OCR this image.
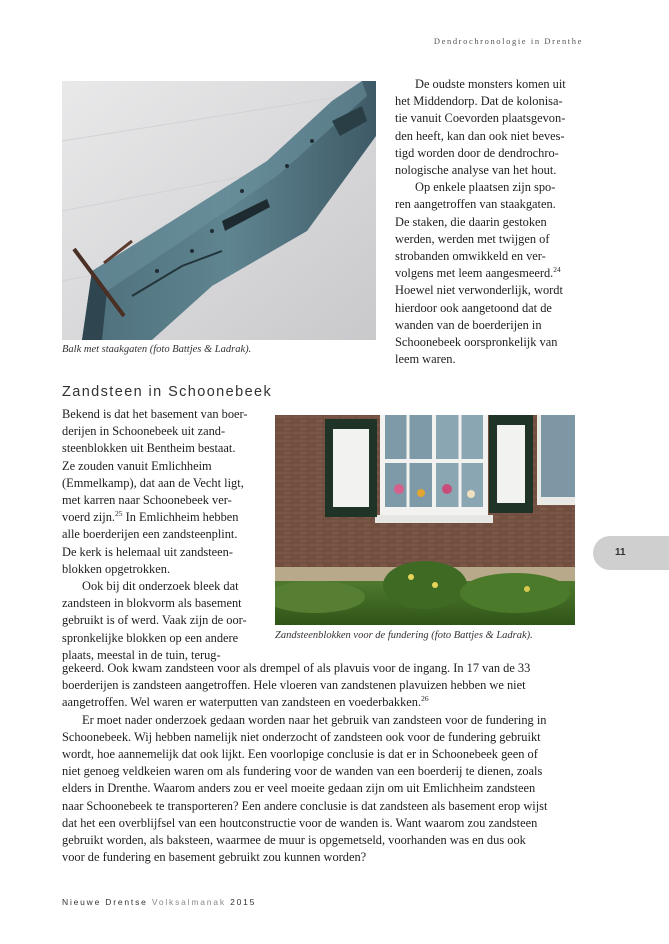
Dendrochronologie in Drenthe
Balk met staakgaten (foto Battjes & Ladrak).

De oudste monsters komen uit

het Middendorp. Dat de kolonisa-

tie vanuit Coevorden plaatsgevon-

den heeft, kan dan ook niet beves-

tigd worden door de dendrochro-

nologische analyse van het hout.

Op enkele plaatsen zijn spo-

ren aangetroffen van staakgaten.

De staken, die daarin gestoken

werden, werden met twijgen of

strobanden omwikkeld en ver-

volgens met leem aangesmeerd.$^{24}$

Hoewel niet verwonderlijk, wordt

hierdoor ook aangetoond dat de

wanden van de boerderijen in

Schoonebeek oorspronkelijk van

leem waren.

Zandsteen in Schoonebeek

Bekend is dat het basement van boer-

derijen in Schoonebeek uit zand-

steenblokken uit Bentheim bestaat.

Ze zouden vanuit Emlichheim

(Emmelkamp), dat aan de Vecht ligt,

met karren naar Schoonebeek ver-

voerd zijn.$^{25}$ In Emlichheim hebben

alle boerderijen een zandsteenplint.

De kerk is helemaal uit zandsteen-

blokken opgetrokken.

Ook bij dit onderzoek bleek dat

zandsteen in blokvorm als basement

gebruikt is of werd. Vaak zijn de oor-

spronkelijke blokken op een andere

plaats, meestal in de tuin, terug-

Zandsteenblokken voor de fundering (foto Battjes & Ladrak).

gekeerd. Ook kwam zandsteen voor als drempel of als plavuis voor de ingang. In 17 van de 33

boerderijen is zandsteen aangetroffen. Hele vloeren van zandstenen plavuizen hebben we niet

aangetroffen. Wel waren er waterputten van zandsteen en voederbakken.$^{26}$

Er moet nader onderzoek gedaan worden naar het gebruik van zandsteen voor de fundering in

Schoonebeek. Wij hebben namelijk niet onderzocht of zandsteen ook voor de fundering gebruikt

wordt, hoe aannemelijk dat ook lijkt. Een voorlopige conclusie is dat er in Schoonebeek geen of

niet genoeg veldkeien waren om als fundering voor de wanden van een boerderij te dienen, zoals

elders in Drenthe. Waarom anders zou er veel moeite gedaan zijn om uit Emlichheim zandsteen

naar Schoonebeek te transporteren? Een andere conclusie is dat zandsteen als basement erop wijst

dat het een overblijfsel van een houtconstructie voor de wanden is. Want waarom zou zandsteen

gebruikt worden, als baksteen, waarmee de muur is opgemetseld, voorhanden was en dus ook

voor de fundering en basement gebruikt zou kunnen worden?

11
Nieuwe Drentse Volksalmanak 2015
